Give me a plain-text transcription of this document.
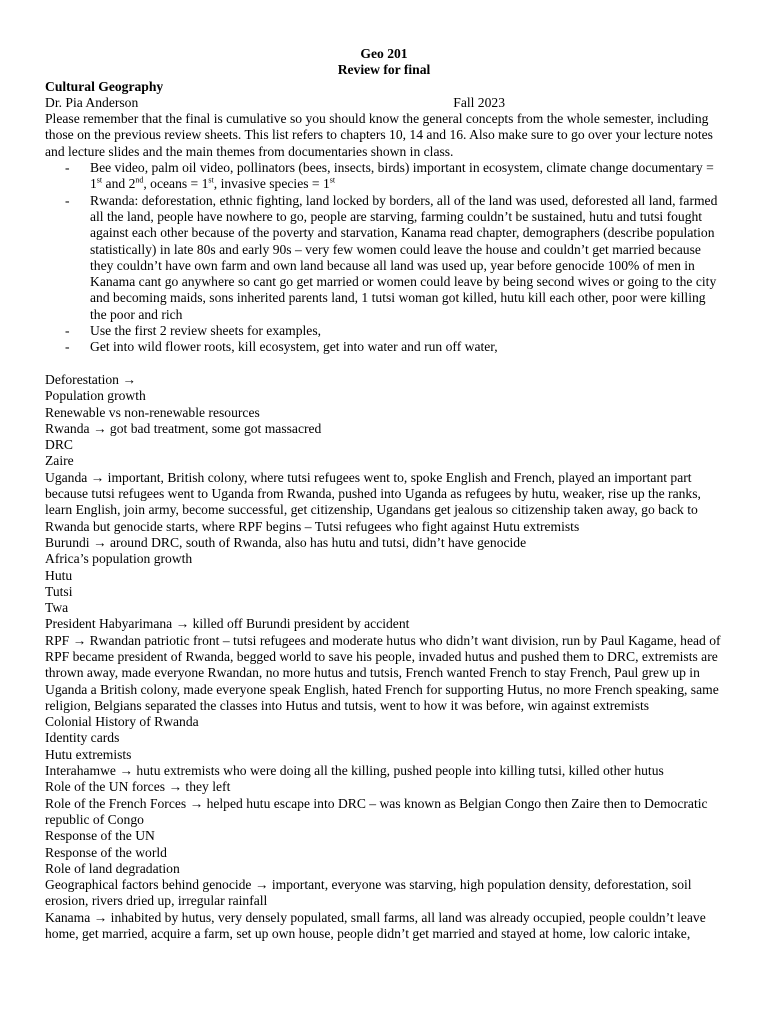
Geo 201
Review for final
Cultural Geography
Dr. Pia Anderson	Fall 2023
Please remember that the final is cumulative so you should know the general concepts from the whole semester, including those on the previous review sheets. This list refers to chapters 10, 14 and 16. Also make sure to go over your lecture notes and lecture slides and the main themes from documentaries shown in class.
-	Bee video, palm oil video, pollinators (bees, insects, birds) important in ecosystem, climate change documentary = 1st and 2nd, oceans = 1st, invasive species = 1st
-	Rwanda: deforestation, ethnic fighting, land locked by borders, all of the land was used, deforested all land, farmed all the land, people have nowhere to go, people are starving, farming couldn’t be sustained, hutu and tutsi fought against each other because of the poverty and starvation, Kanama read chapter, demographers (describe population statistically) in late 80s and early 90s – very few women could leave the house and couldn’t get married because they couldn’t have own farm and own land because all land was used up, year before genocide 100% of men in Kanama cant go anywhere so cant go get married or women could leave by being second wives or going to the city and becoming maids, sons inherited parents land, 1 tutsi woman got killed, hutu kill each other, poor were killing the poor and rich
-	Use the first 2 review sheets for examples,
-	Get into wild flower roots, kill ecosystem, get into water and run off water,
Deforestation →
Population growth
Renewable vs non-renewable resources
Rwanda → got bad treatment, some got massacred
DRC
Zaire
Uganda → important, British colony, where tutsi refugees went to, spoke English and French, played an important part because tutsi refugees went to Uganda from Rwanda, pushed into Uganda as refugees by hutu, weaker, rise up the ranks, learn English, join army, become successful, get citizenship, Ugandans get jealous so citizenship taken away, go back to Rwanda but genocide starts, where RPF begins – Tutsi refugees who fight against Hutu extremists
Burundi → around DRC, south of Rwanda, also has hutu and tutsi, didn’t have genocide
Africa’s population growth
Hutu
Tutsi
Twa
President Habyarimana → killed off Burundi president by accident
RPF → Rwandan patriotic front – tutsi refugees and moderate hutus who didn’t want division, run by Paul Kagame, head of RPF became president of Rwanda, begged world to save his people, invaded hutus and pushed them to DRC, extremists are thrown away, made everyone Rwandan, no more hutus and tutsis, French wanted French to stay French, Paul grew up in Uganda a British colony, made everyone speak English, hated French for supporting Hutus, no more French speaking, same religion, Belgians separated the classes into Hutus and tutsis, went to how it was before, win against extremists
Colonial History of Rwanda
Identity cards
Hutu extremists
Interahamwe → hutu extremists who were doing all the killing, pushed people into killing tutsi, killed other hutus
Role of the UN forces → they left
Role of the French Forces → helped hutu escape into DRC – was known as Belgian Congo then Zaire then to Democratic republic of Congo
Response of the UN
Response of the world
Role of land degradation
Geographical factors behind genocide → important, everyone was starving, high population density, deforestation, soil erosion, rivers dried up, irregular rainfall
Kanama → inhabited by hutus, very densely populated, small farms, all land was already occupied, people couldn’t leave home, get married, acquire a farm, set up own house, people didn’t get married and stayed at home, low caloric intake,
